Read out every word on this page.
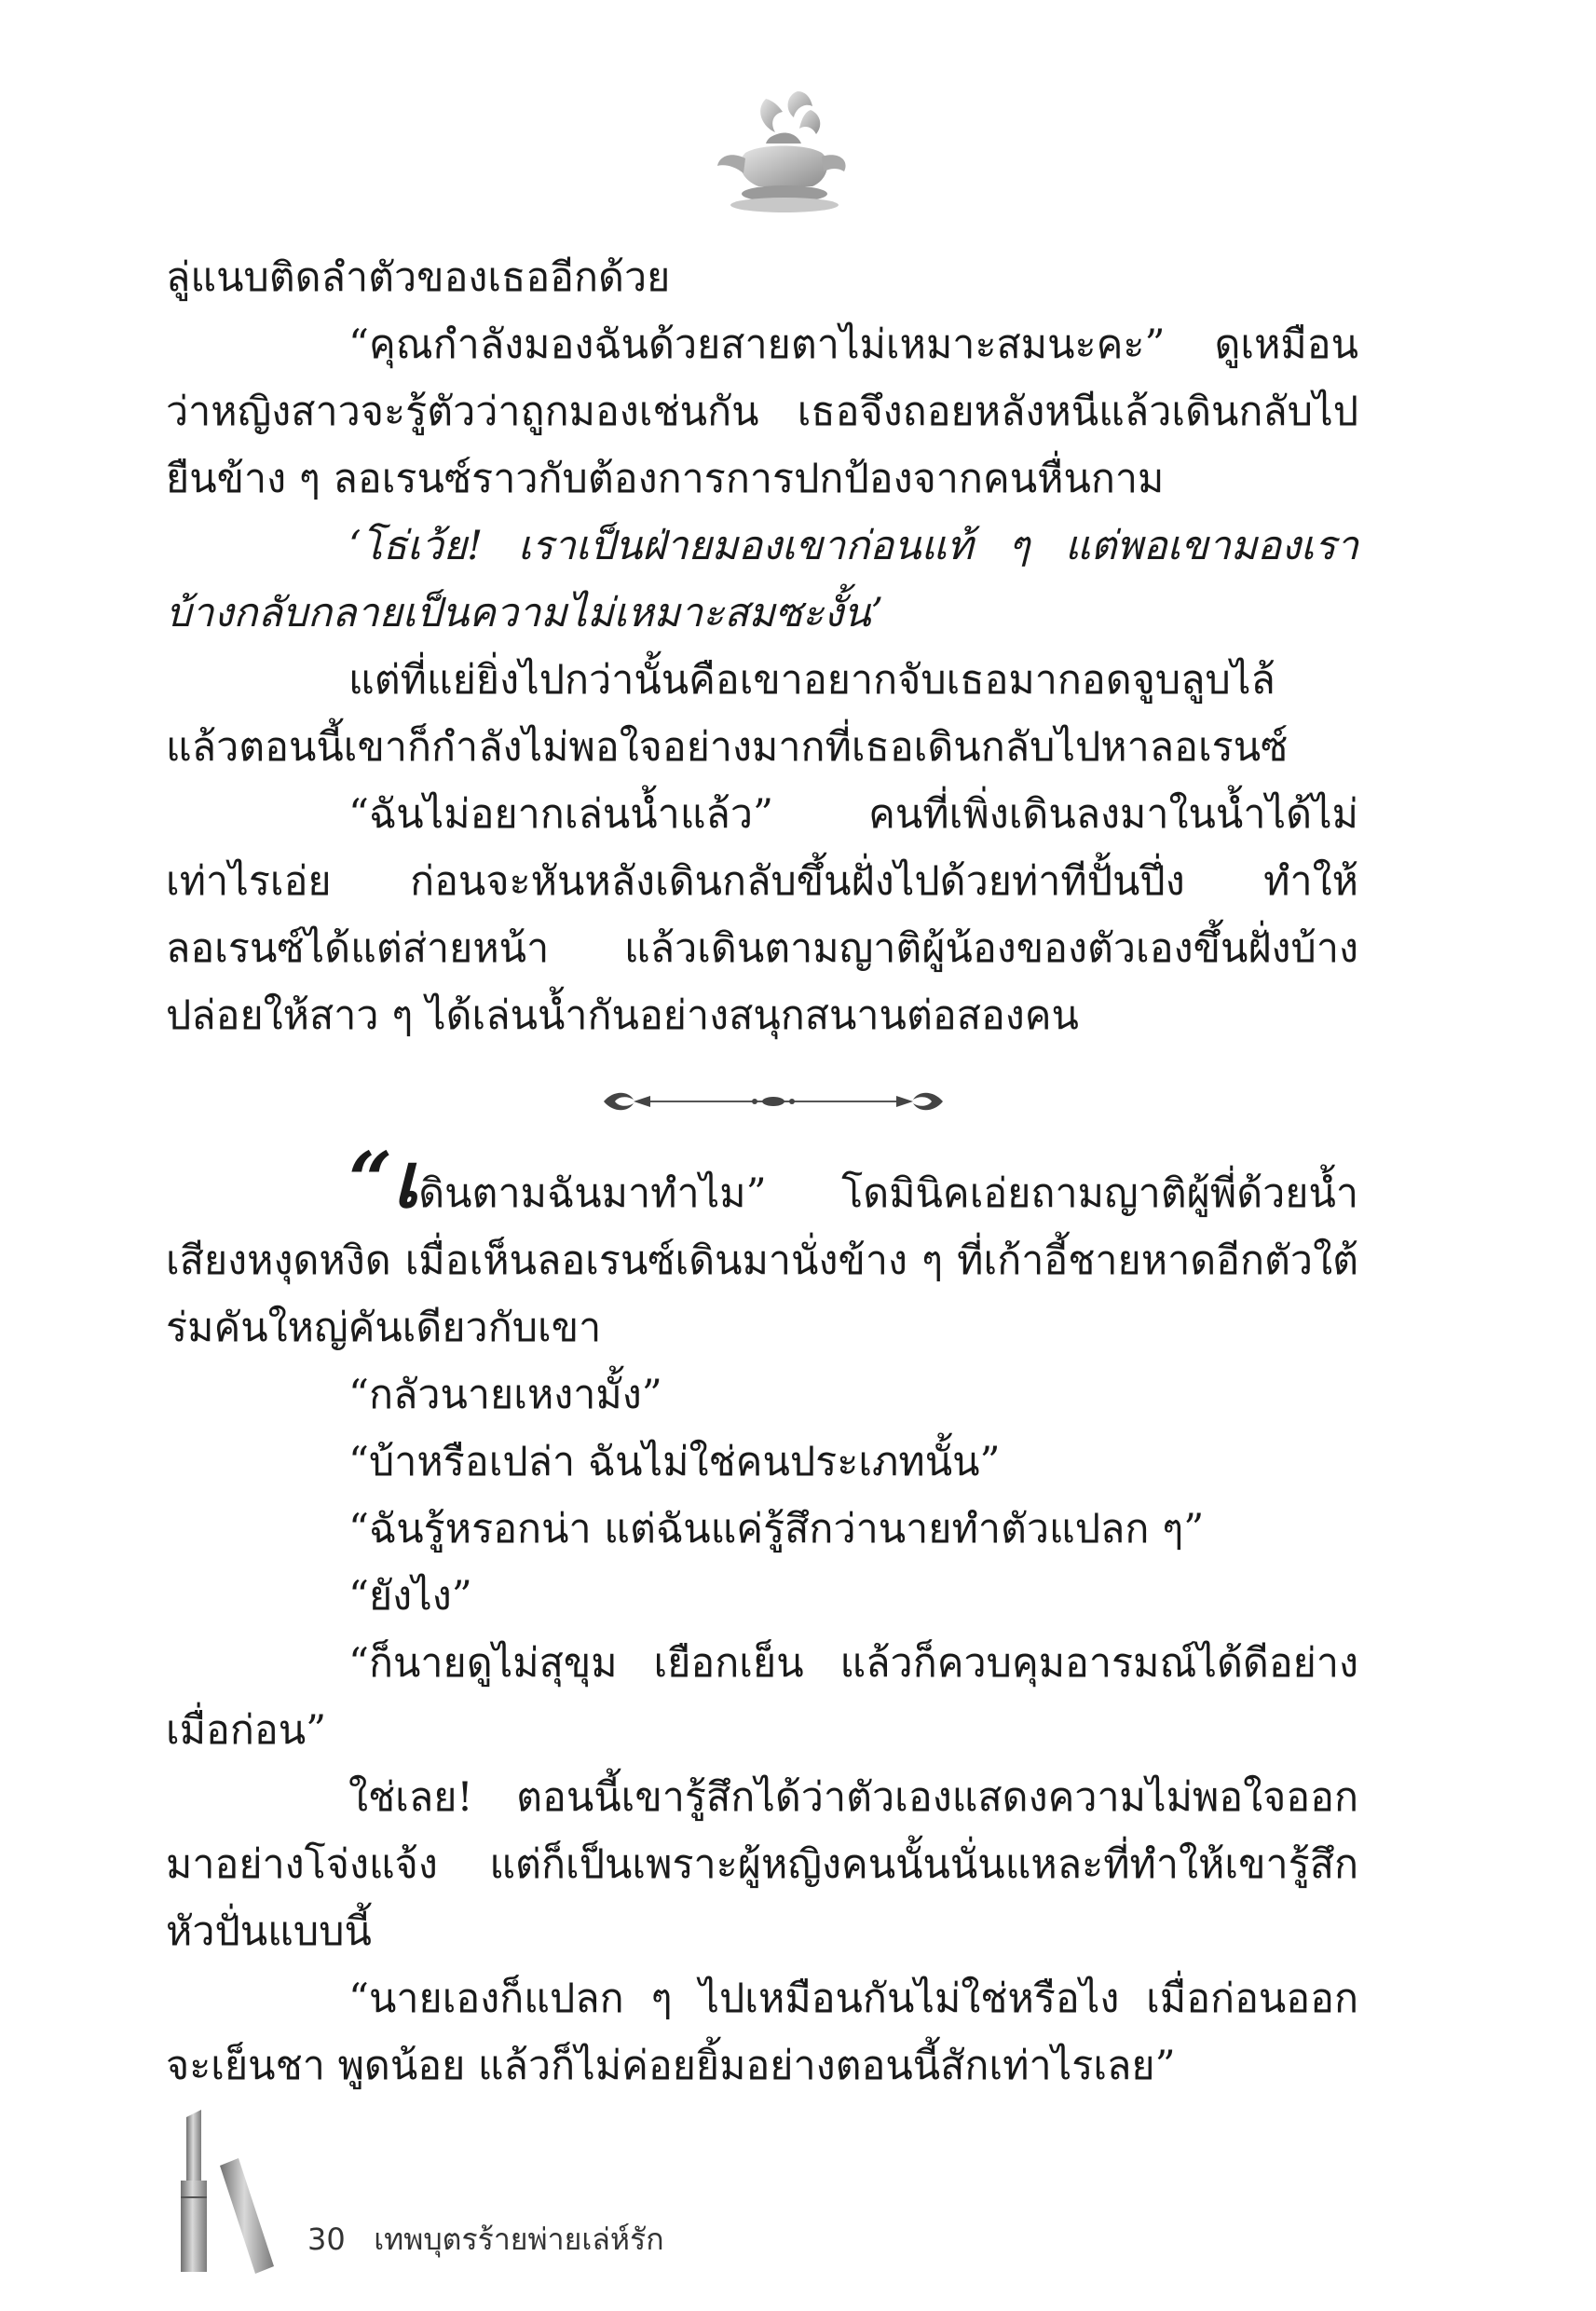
ลู่แนบติดลำตัวของเธออีกด้วย

“คุณกำลังมองฉันด้วยสายตาไม่เหมาะสมนะคะ” ดูเหมือนว่าหญิงสาวจะรู้ตัวว่าถูกมองเช่นกัน เธอจึงถอยหลังหนีแล้วเดินกลับไปยืนข้าง ๆ ลอเรนซ์ราวกับต้องการการปกป้องจากคนหื่นกาม

‘โธ่เว้ย! เราเป็นฝ่ายมองเขาก่อนแท้ ๆ แต่พอเขามองเราบ้างกลับกลายเป็นความไม่เหมาะสมซะงั้น’

แต่ที่แย่ยิ่งไปกว่านั้นคือเขาอยากจับเธอมากอดจูบลูบไล้ แล้วตอนนี้เขาก็กำลังไม่พอใจอย่างมากที่เธอเดินกลับไปหาลอเรนซ์

“ฉันไม่อยากเล่นน้ำแล้ว” คนที่เพิ่งเดินลงมาในน้ำได้ไม่เท่าไรเอ่ย ก่อนจะหันหลังเดินกลับขึ้นฝั่งไปด้วยท่าทีปั้นปึ่ง ทำให้ลอเรนซ์ได้แต่ส่ายหน้า แล้วเดินตามญาติผู้น้องของตัวเองขึ้นฝั่งบ้าง ปล่อยให้สาว ๆ ได้เล่นน้ำกันอย่างสนุกสนานต่อสองคน

“เดินตามฉันมาทำไม” โดมินิคเอ่ยถามญาติผู้พี่ด้วยน้ำเสียงหงุดหงิด เมื่อเห็นลอเรนซ์เดินมานั่งข้าง ๆ ที่เก้าอี้ชายหาดอีกตัวใต้ร่มคันใหญ่คันเดียวกับเขา

“กลัวนายเหงามั้ง”

“บ้าหรือเปล่า ฉันไม่ใช่คนประเภทนั้น”

“ฉันรู้หรอกน่า แต่ฉันแค่รู้สึกว่านายทำตัวแปลก ๆ”

“ยังไง”

“ก็นายดูไม่สุขุม เยือกเย็น แล้วก็ควบคุมอารมณ์ได้ดีอย่างเมื่อก่อน”

ใช่เลย! ตอนนี้เขารู้สึกได้ว่าตัวเองแสดงความไม่พอใจออกมาอย่างโจ่งแจ้ง แต่ก็เป็นเพราะผู้หญิงคนนั้นนั่นแหละที่ทำให้เขารู้สึกหัวปั่นแบบนี้

“นายเองก็แปลก ๆ ไปเหมือนกันไม่ใช่หรือไง เมื่อก่อนออกจะเย็นชา พูดน้อย แล้วก็ไม่ค่อยยิ้มอย่างตอนนี้สักเท่าไรเลย”

30 เทพบุตรร้ายพ่ายเล่ห์รัก
